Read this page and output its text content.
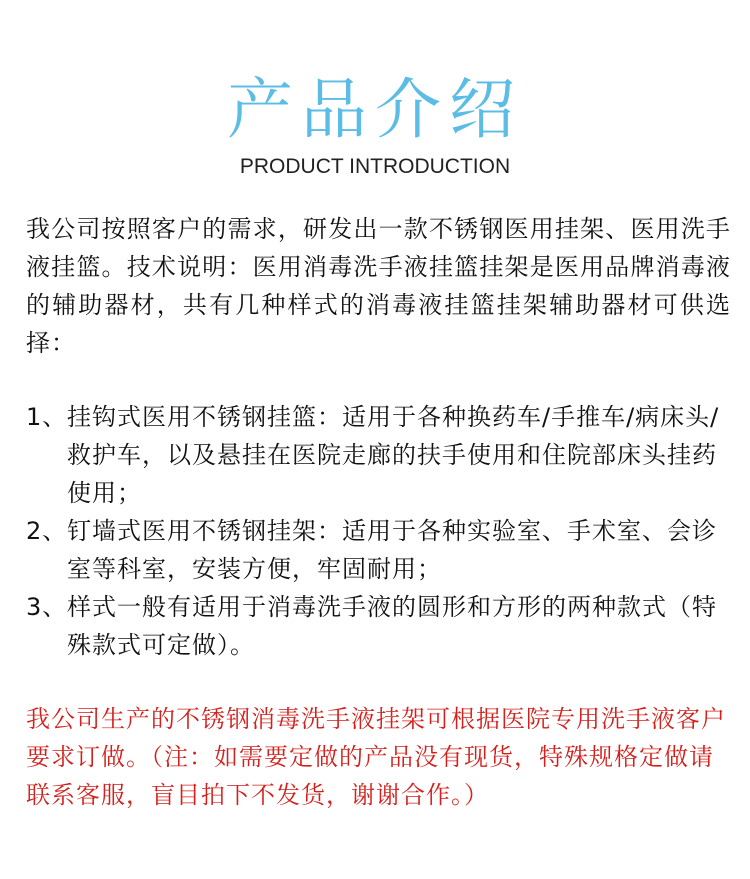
产品介绍
PRODUCT INTRODUCTION
我公司按照客户的需求，研发出一款不锈钢医用挂架、医用洗手液挂篮。技术说明：医用消毒洗手液挂篮挂架是医用品牌消毒液的辅助器材，共有几种样式的消毒液挂篮挂架辅助器材可供选择：
1、 挂钩式医用不锈钢挂篮：适用于各种换药车/手推车/病床头/救护车，以及悬挂在医院走廊的扶手使用和住院部床头挂药使用；
2、 钉墙式医用不锈钢挂架：适用于各种实验室、手术室、会诊室等科室，安装方便，牢固耐用；
3、 样式一般有适用于消毒洗手液的圆形和方形的两种款式（特殊款式可定做）。
我公司生产的不锈钢消毒洗手液挂架可根据医院专用洗手液客户要求订做。（注：如需要定做的产品没有现货，特殊规格定做请联系客服，盲目拍下不发货，谢谢合作。）
